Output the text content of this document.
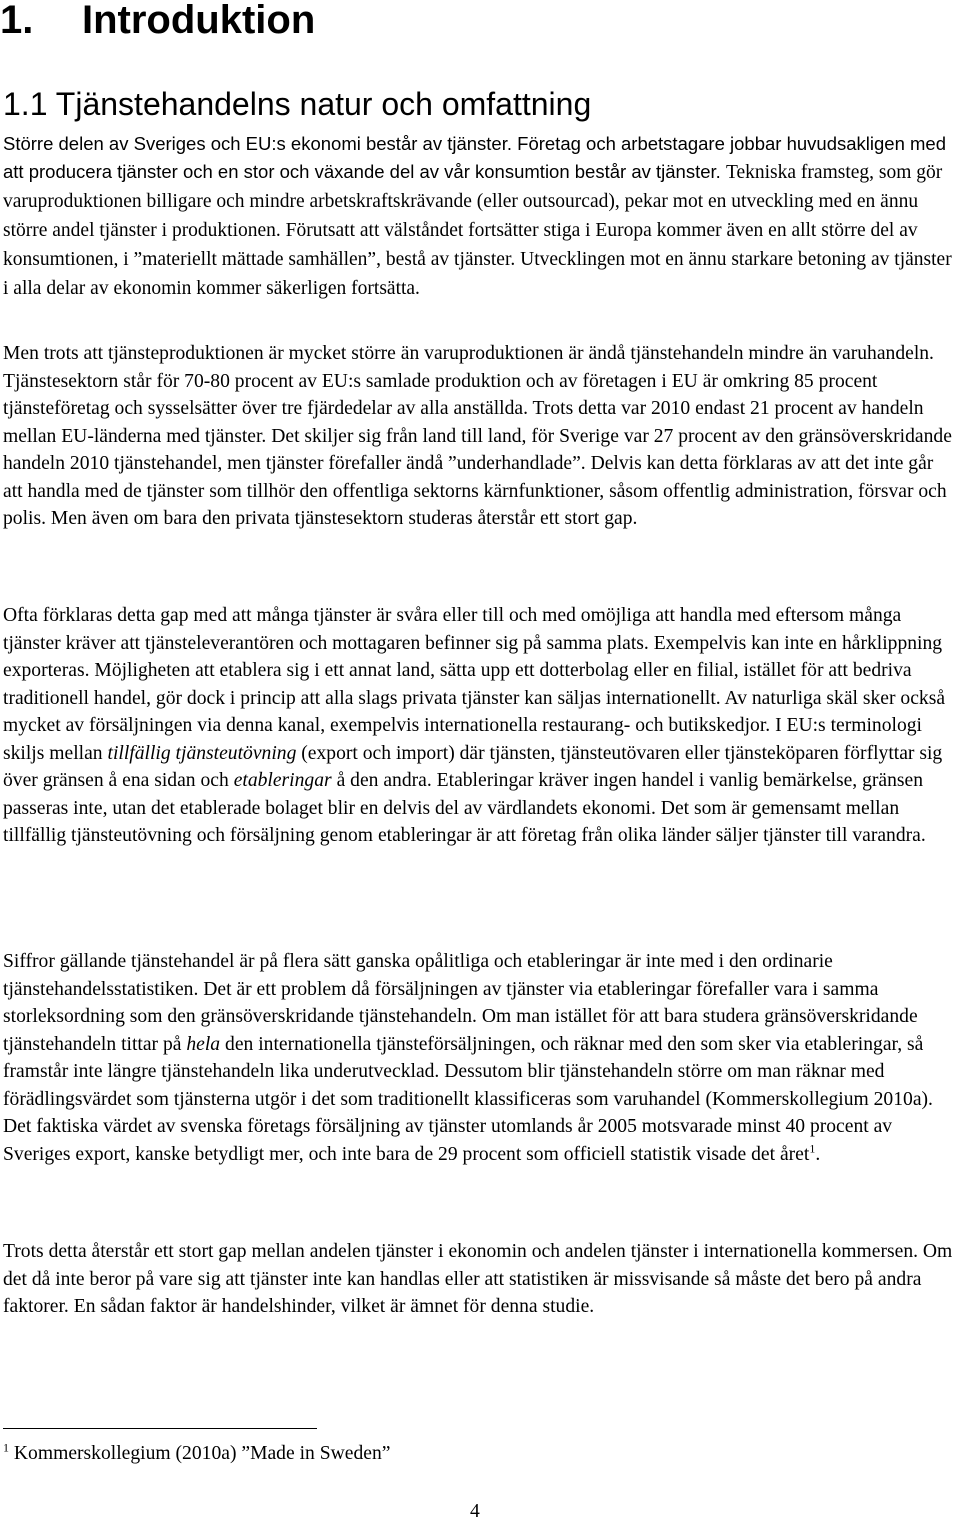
1. Introduktion
1.1 Tjänstehandelns natur och omfattning

Större delen av Sveriges och EU:s ekonomi består av tjänster. Företag och arbetstagare jobbar huvudsakligen med att producera tjänster och en stor och växande del av vår konsumtion består av tjänster. Tekniska framsteg, som gör varuproduktionen billigare och mindre arbetskraftskrävande (eller outsourcad), pekar mot en utveckling med en ännu större andel tjänster i produktionen. Förutsatt att välståndet fortsätter stiga i Europa kommer även en allt större del av konsumtionen, i ”materiellt mättade samhällen”, bestå av tjänster. Utvecklingen mot en ännu starkare betoning av tjänster i alla delar av ekonomin kommer säkerligen fortsätta.

Men trots att tjänsteproduktionen är mycket större än varuproduktionen är ändå tjänstehandeln mindre än varuhandeln. Tjänstesektorn står för 70-80 procent av EU:s samlade produktion och av företagen i EU är omkring 85 procent tjänsteföretag och sysselsätter över tre fjärdedelar av alla anställda. Trots detta var 2010 endast 21 procent av handeln mellan EU-länderna med tjänster. Det skiljer sig från land till land, för Sverige var 27 procent av den gränsöverskridande handeln 2010 tjänstehandel, men tjänster förefaller ändå ”underhandlade”. Delvis kan detta förklaras av att det inte går att handla med de tjänster som tillhör den offentliga sektorns kärnfunktioner, såsom offentlig administration, försvar och polis. Men även om bara den privata tjänstesektorn studeras återstår ett stort gap.

Ofta förklaras detta gap med att många tjänster är svåra eller till och med omöjliga att handla med eftersom många tjänster kräver att tjänsteleverantören och mottagaren befinner sig på samma plats. Exempelvis kan inte en hårklippning exporteras. Möjligheten att etablera sig i ett annat land, sätta upp ett dotterbolag eller en filial, istället för att bedriva traditionell handel, gör dock i princip att alla slags privata tjänster kan säljas internationellt. Av naturliga skäl sker också mycket av försäljningen via denna kanal, exempelvis internationella restaurang- och butikskedjor. I EU:s terminologi skiljs mellan tillfällig tjänsteutövning (export och import) där tjänsten, tjänsteutövaren eller tjänsteköparen förflyttar sig över gränsen å ena sidan och etableringar å den andra. Etableringar kräver ingen handel i vanlig bemärkelse, gränsen passeras inte, utan det etablerade bolaget blir en delvis del av värdlandets ekonomi. Det som är gemensamt mellan tillfällig tjänsteutövning och försäljning genom etableringar är att företag från olika länder säljer tjänster till varandra.

Siffror gällande tjänstehandel är på flera sätt ganska opålitliga och etableringar är inte med i den ordinarie tjänstehandelsstatistiken. Det är ett problem då försäljningen av tjänster via etableringar förefaller vara i samma storleksordning som den gränsöverskridande tjänstehandeln. Om man istället för att bara studera gränsöverskridande tjänstehandeln tittar på hela den internationella tjänsteförsäljningen, och räknar med den som sker via etableringar, så framstår inte längre tjänstehandeln lika underutvecklad. Dessutom blir tjänstehandeln större om man räknar med förädlingsvärdet som tjänsterna utgör i det som traditionellt klassificeras som varuhandel (Kommerskollegium 2010a). Det faktiska värdet av svenska företags försäljning av tjänster utomlands år 2005 motsvarade minst 40 procent av Sveriges export, kanske betydligt mer, och inte bara de 29 procent som officiell statistik visade det året$^1$.

Trots detta återstår ett stort gap mellan andelen tjänster i ekonomin och andelen tjänster i internationella kommersen. Om det då inte beror på vare sig att tjänster inte kan handlas eller att statistiken är missvisande så måste det bero på andra faktorer. En sådan faktor är handelshinder, vilket är ämnet för denna studie.

$^1$ Kommerskollegium (2010a) ”Made in Sweden”

4
